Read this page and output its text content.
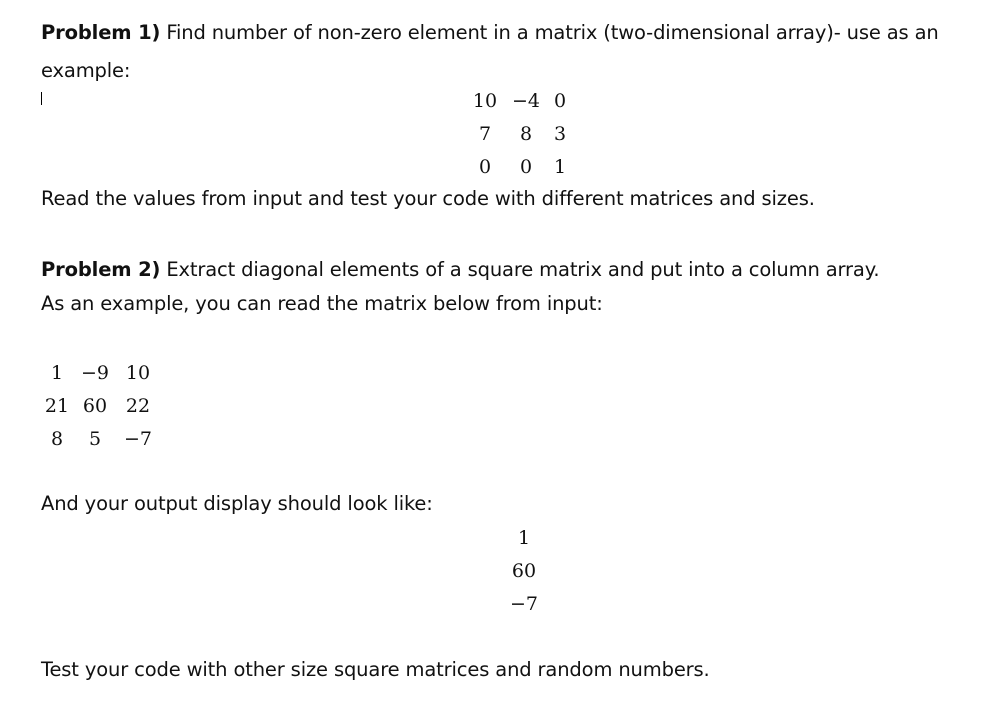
Problem 1) Find number of non-zero element in a matrix (two-dimensional array)- use as an
example:
10	−4	0
7	8	3
0	0	1
Read the values from input and test your code with different matrices and sizes.
Problem 2) Extract diagonal elements of a square matrix and put into a column array.
As an example, you can read the matrix below from input:
1	−9	10
21	60	22
8	5	−7
And your output display should look like:
1
60
−7
Test your code with other size square matrices and random numbers.
